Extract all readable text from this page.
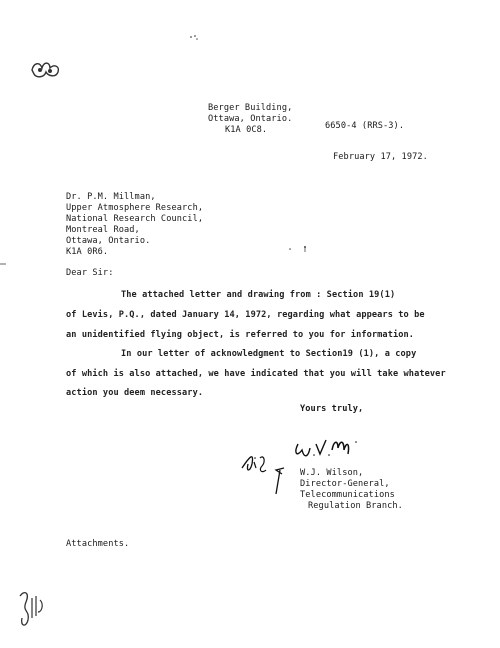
Berger Building,
Ottawa, Ontario.
K1A 0C8.	6650-4 (RRS-3).
February 17, 1972.
Dr. P.M. Millman,
Upper Atmosphere Research,
National Research Council,
Montreal Road,
Ottawa, Ontario.
K1A 0R6.
Dear Sir:
The attached letter and drawing from : Section 19(1)
of Levis, P.Q., dated January 14, 1972, regarding what appears to be
an unidentified flying object, is referred to you for information.
In our letter of acknowledgment to Section19 (1), a copy
of which is also attached, we have indicated that you will take whatever
action you deem necessary.
Yours truly,
W.J. Wilson,
Director-General,
Telecommunications
Regulation Branch.
Attachments.
